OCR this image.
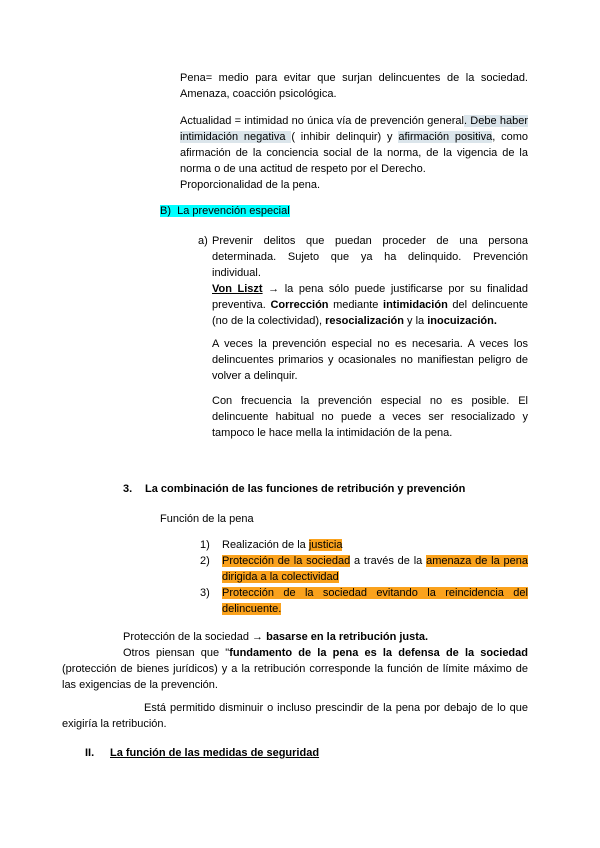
Pena= medio para evitar que surjan delincuentes de la sociedad. Amenaza, coacción psicológica.

Actualidad = intimidad no única vía de prevención general. Debe haber intimidación negativa ( inhibir delinquir) y afirmación positiva, como afirmación de la conciencia social de la norma, de la vigencia de la norma o de una actitud de respeto por el Derecho.

Proporcionalidad de la pena.

B)  La prevención especial

a) Prevenir delitos que puedan proceder de una persona determinada. Sujeto que ya ha delinquido. Prevención individual.

Von Liszt → la pena sólo puede justificarse por su finalidad preventiva. Corrección mediante intimidación del delincuente (no de la colectividad), resocialización y la inocuización.

A veces la prevención especial no es necesaria. A veces los delincuentes primarios y ocasionales no manifiestan peligro de volver a delinquir.

Con frecuencia la prevención especial no es posible. El delincuente habitual no puede a veces ser resocializado y tampoco le hace mella la intimidación de la pena.

3.	La combinación de las funciones de retribución y prevención

Función de la pena

1)	Realización de la justicia

2)	Protección de la sociedad a través de la amenaza de la pena dirigida a la colectividad

3)	Protección de la sociedad evitando la reincidencia del delincuente.

Protección de la sociedad → basarse en la retribución justa.

Otros piensan que "fundamento de la pena es la defensa de la sociedad (protección de bienes jurídicos) y a la retribución corresponde la función de límite máximo de las exigencias de la prevención.

Está permitido disminuir o incluso prescindir de la pena por debajo de lo que exigiría la retribución.

II.	La función de las medidas de seguridad
